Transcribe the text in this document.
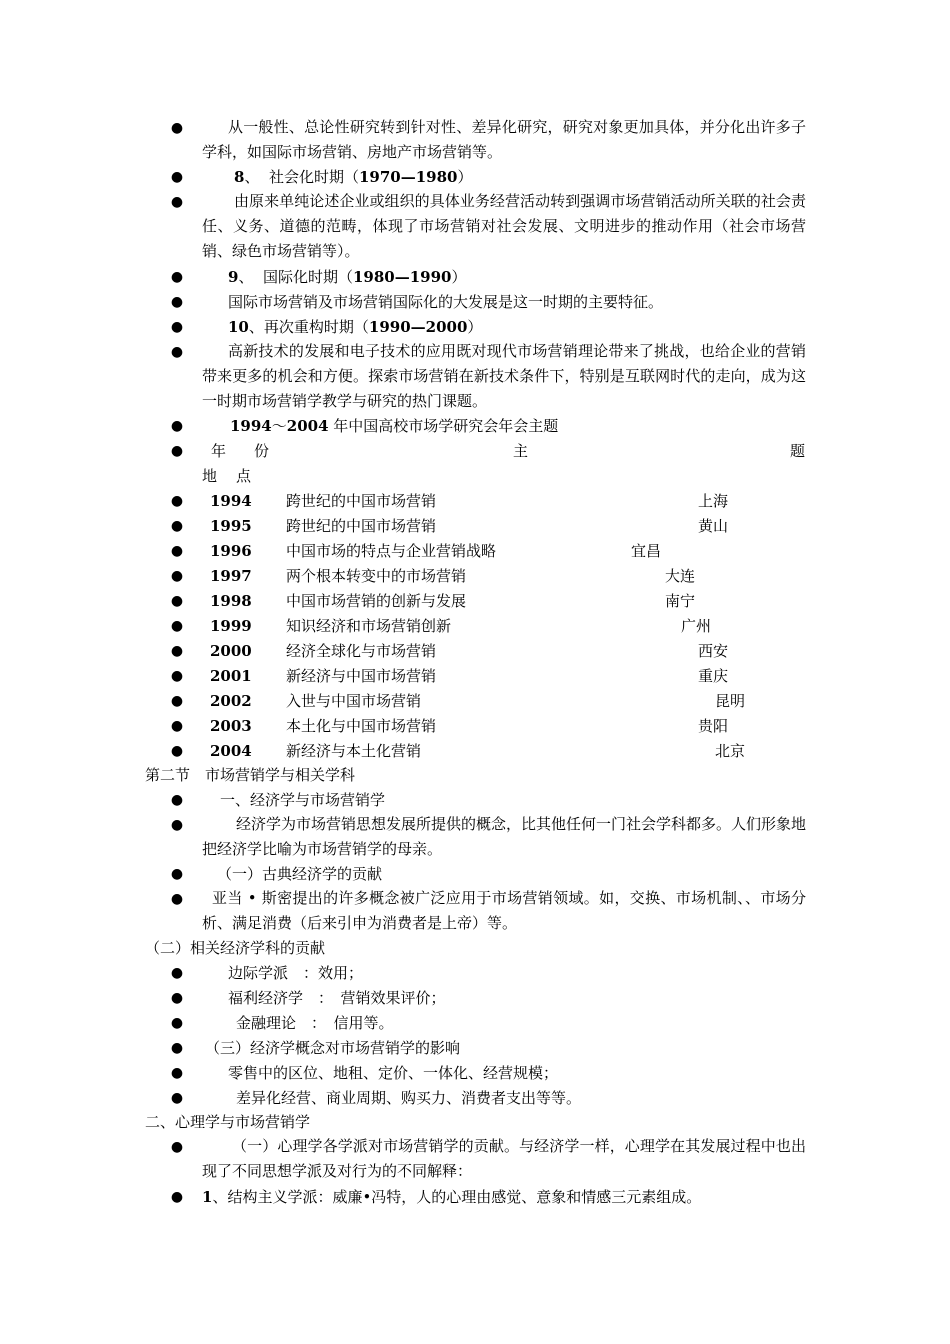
●
●
●
●
●
●
●
●
●
●
●
●
●
●
●
●
●
●
●
●
●
●
●
●
●
●
●
●
●
●
●
●
从一般性、总论性研究转到针对性、差异化研究，研究对象更加具体，并分化出许多子学科，如国际市场营销、房地产市场营销等。
8、  社会化时期（1970—1980）
由原来单纯论述企业或组织的具体业务经营活动转到强调市场营销活动所关联的社会责任、义务、道德的范畴，体现了市场营销对社会发展、文明进步的推动作用（社会市场营销、绿色市场营销等）。
9、  国际化时期（1980—1990）
国际市场营销及市场营销国际化的大发展是这一时期的主要特征。
10、再次重构时期（1990—2000）
高新技术的发展和电子技术的应用既对现代市场营销理论带来了挑战，也给企业的营销带来更多的机会和方便。探索市场营销在新技术条件下，特别是互联网时代的走向，成为这一时期市场营销学教学与研究的热门课题。
1994～2004 年中国高校市场学研究会年会主题
年 份	主	题
地 点
1994 跨世纪的中国市场营销	上海
1995 跨世纪的中国市场营销	黄山
1996 中国市场的特点与企业营销战略	宜昌
1997 两个根本转变中的市场营销	大连
1998 中国市场营销的创新与发展	南宁
1999 知识经济和市场营销创新	广州
2000 经济全球化与市场营销	西安
2001 新经济与中国市场营销	重庆
2002 入世与中国市场营销	昆明
2003 本土化与中国市场营销	贵阳
2004 新经济与本土化营销	北京
第二节　市场营销学与相关学科
一、经济学与市场营销学
经济学为市场营销思想发展所提供的概念，比其他任何一门社会学科都多。人们形象地把经济学比喻为市场营销学的母亲。
（一）古典经济学的贡献
亚当 • 斯密提出的许多概念被广泛应用于市场营销领域。如，交换、市场机制、、市场分析、满足消费（后来引申为消费者是上帝）等。
（二）相关经济学科的贡献
边际学派　：效用；
福利经济学　：　营销效果评价；
金融理论　：　信用等。
（三）经济学概念对市场营销学的影响
零售中的区位、地租、定价、一体化、经营规模；
差异化经营、商业周期、购买力、消费者支出等等。
二、心理学与市场营销学
（一）心理学各学派对市场营销学的贡献。与经济学一样，心理学在其发展过程中也出现了不同思想学派及对行为的不同解释：
1、结构主义学派：威廉•冯特，人的心理由感觉、意象和情感三元素组成。
